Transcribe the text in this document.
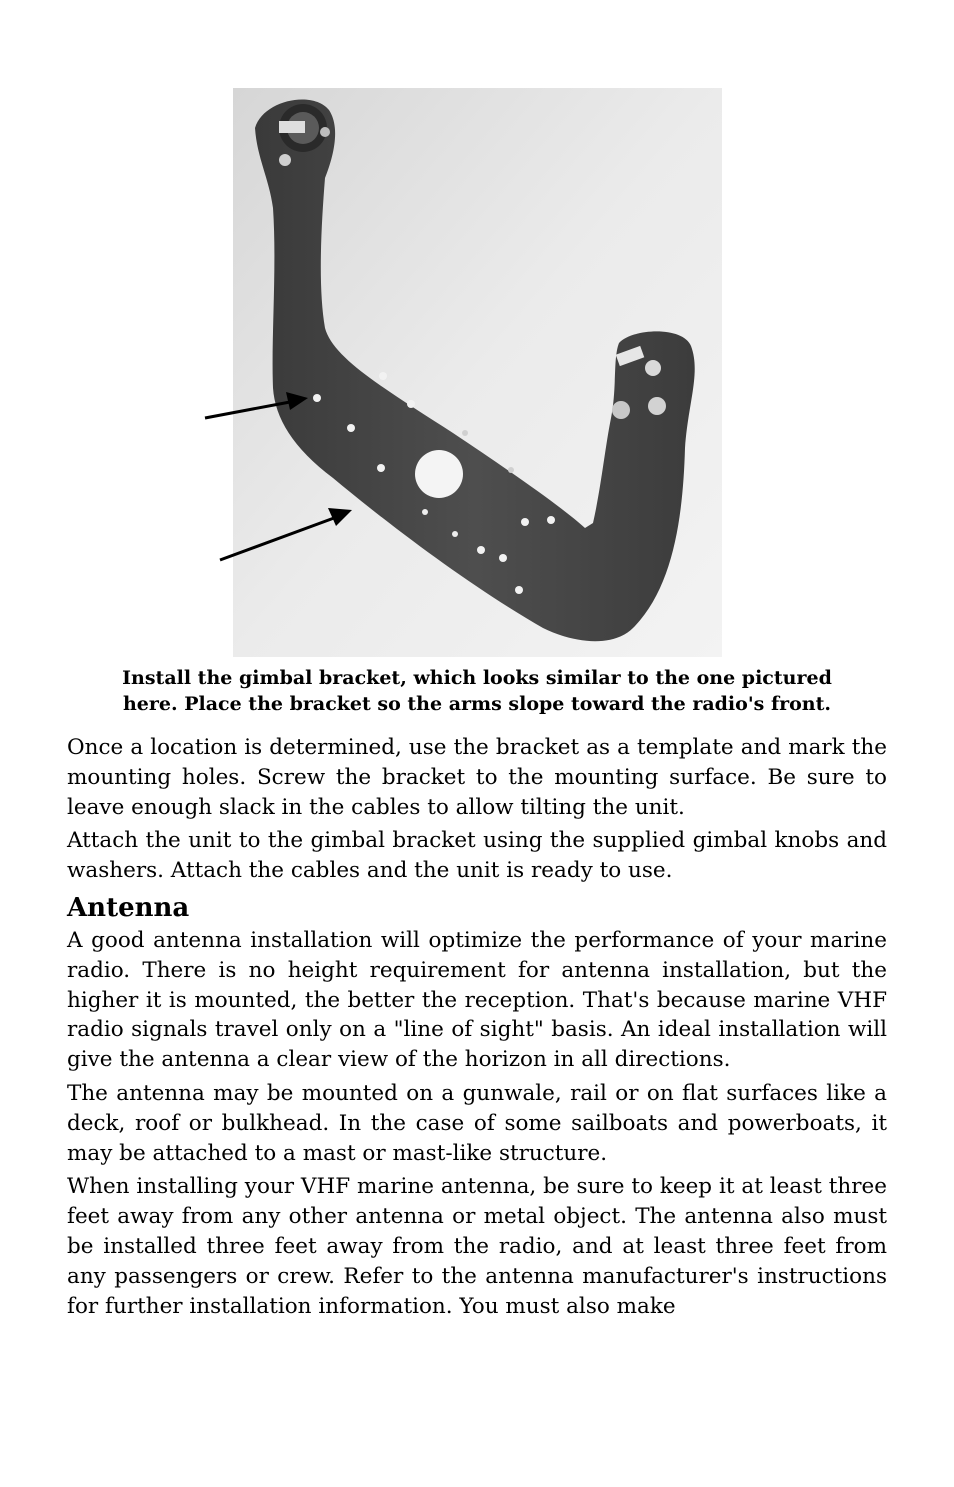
Install the gimbal bracket, which looks similar to the one pictured
here. Place the bracket so the arms slope toward the radio's front.

Once a location is determined, use the bracket as a template and mark the mounting holes. Screw the bracket to the mounting surface. Be sure to leave enough slack in the cables to allow tilting the unit.

Attach the unit to the gimbal bracket using the supplied gimbal knobs and washers. Attach the cables and the unit is ready to use.

Antenna

A good antenna installation will optimize the performance of your marine radio. There is no height requirement for antenna installation, but the higher it is mounted, the better the reception. That's because marine VHF radio signals travel only on a "line of sight" basis. An ideal installation will give the antenna a clear view of the horizon in all directions.

The antenna may be mounted on a gunwale, rail or on flat surfaces like a deck, roof or bulkhead. In the case of some sailboats and powerboats, it may be attached to a mast or mast-like structure.

When installing your VHF marine antenna, be sure to keep it at least three feet away from any other antenna or metal object. The antenna also must be installed three feet away from the radio, and at least three feet from any passengers or crew. Refer to the antenna manufacturer's instructions for further installation information. You must also make
